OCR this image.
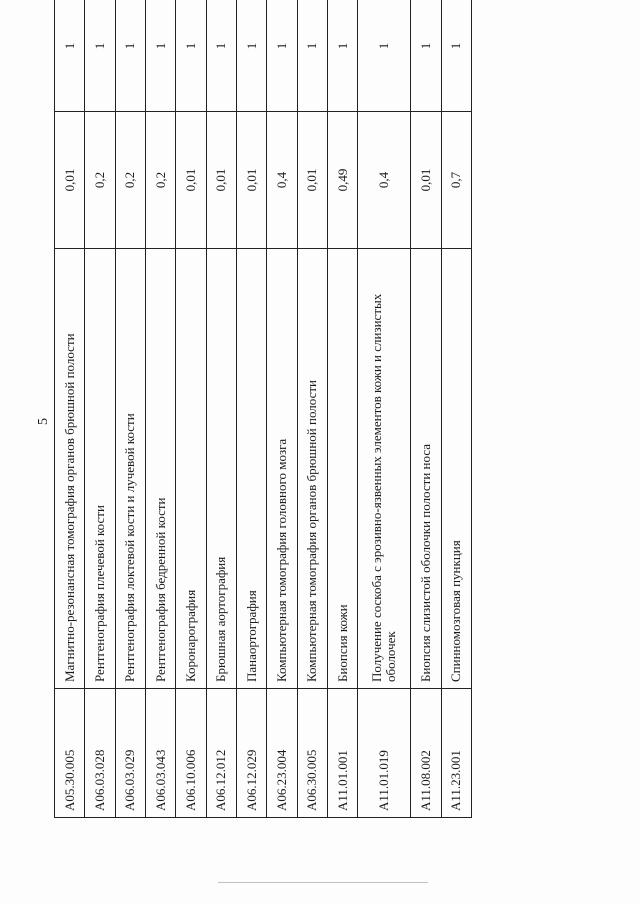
5
A05.30.005	Магнитно-резонансная томография органов брюшной полости	0,01	1
A06.03.028	Рентгенография плечевой кости	0,2	1
A06.03.029	Рентгенография локтевой кости и лучевой кости	0,2	1
A06.03.043	Рентгенография бедренной кости	0,2	1
A06.10.006	Коронарография	0,01	1
A06.12.012	Брюшная аортография	0,01	1
A06.12.029	Панаортография	0,01	1
A06.23.004	Компьютерная томография головного мозга	0,4	1
A06.30.005	Компьютерная томография органов брюшной полости	0,01	1
A11.01.001	Биопсия кожи	0,49	1
A11.01.019	Получение соскоба с эрозивно-язвенных элементов кожи и слизистых оболочек	0,4	1
A11.08.002	Биопсия слизистой оболочки полости носа	0,01	1
A11.23.001	Спинномозговая пункция	0,7	1
